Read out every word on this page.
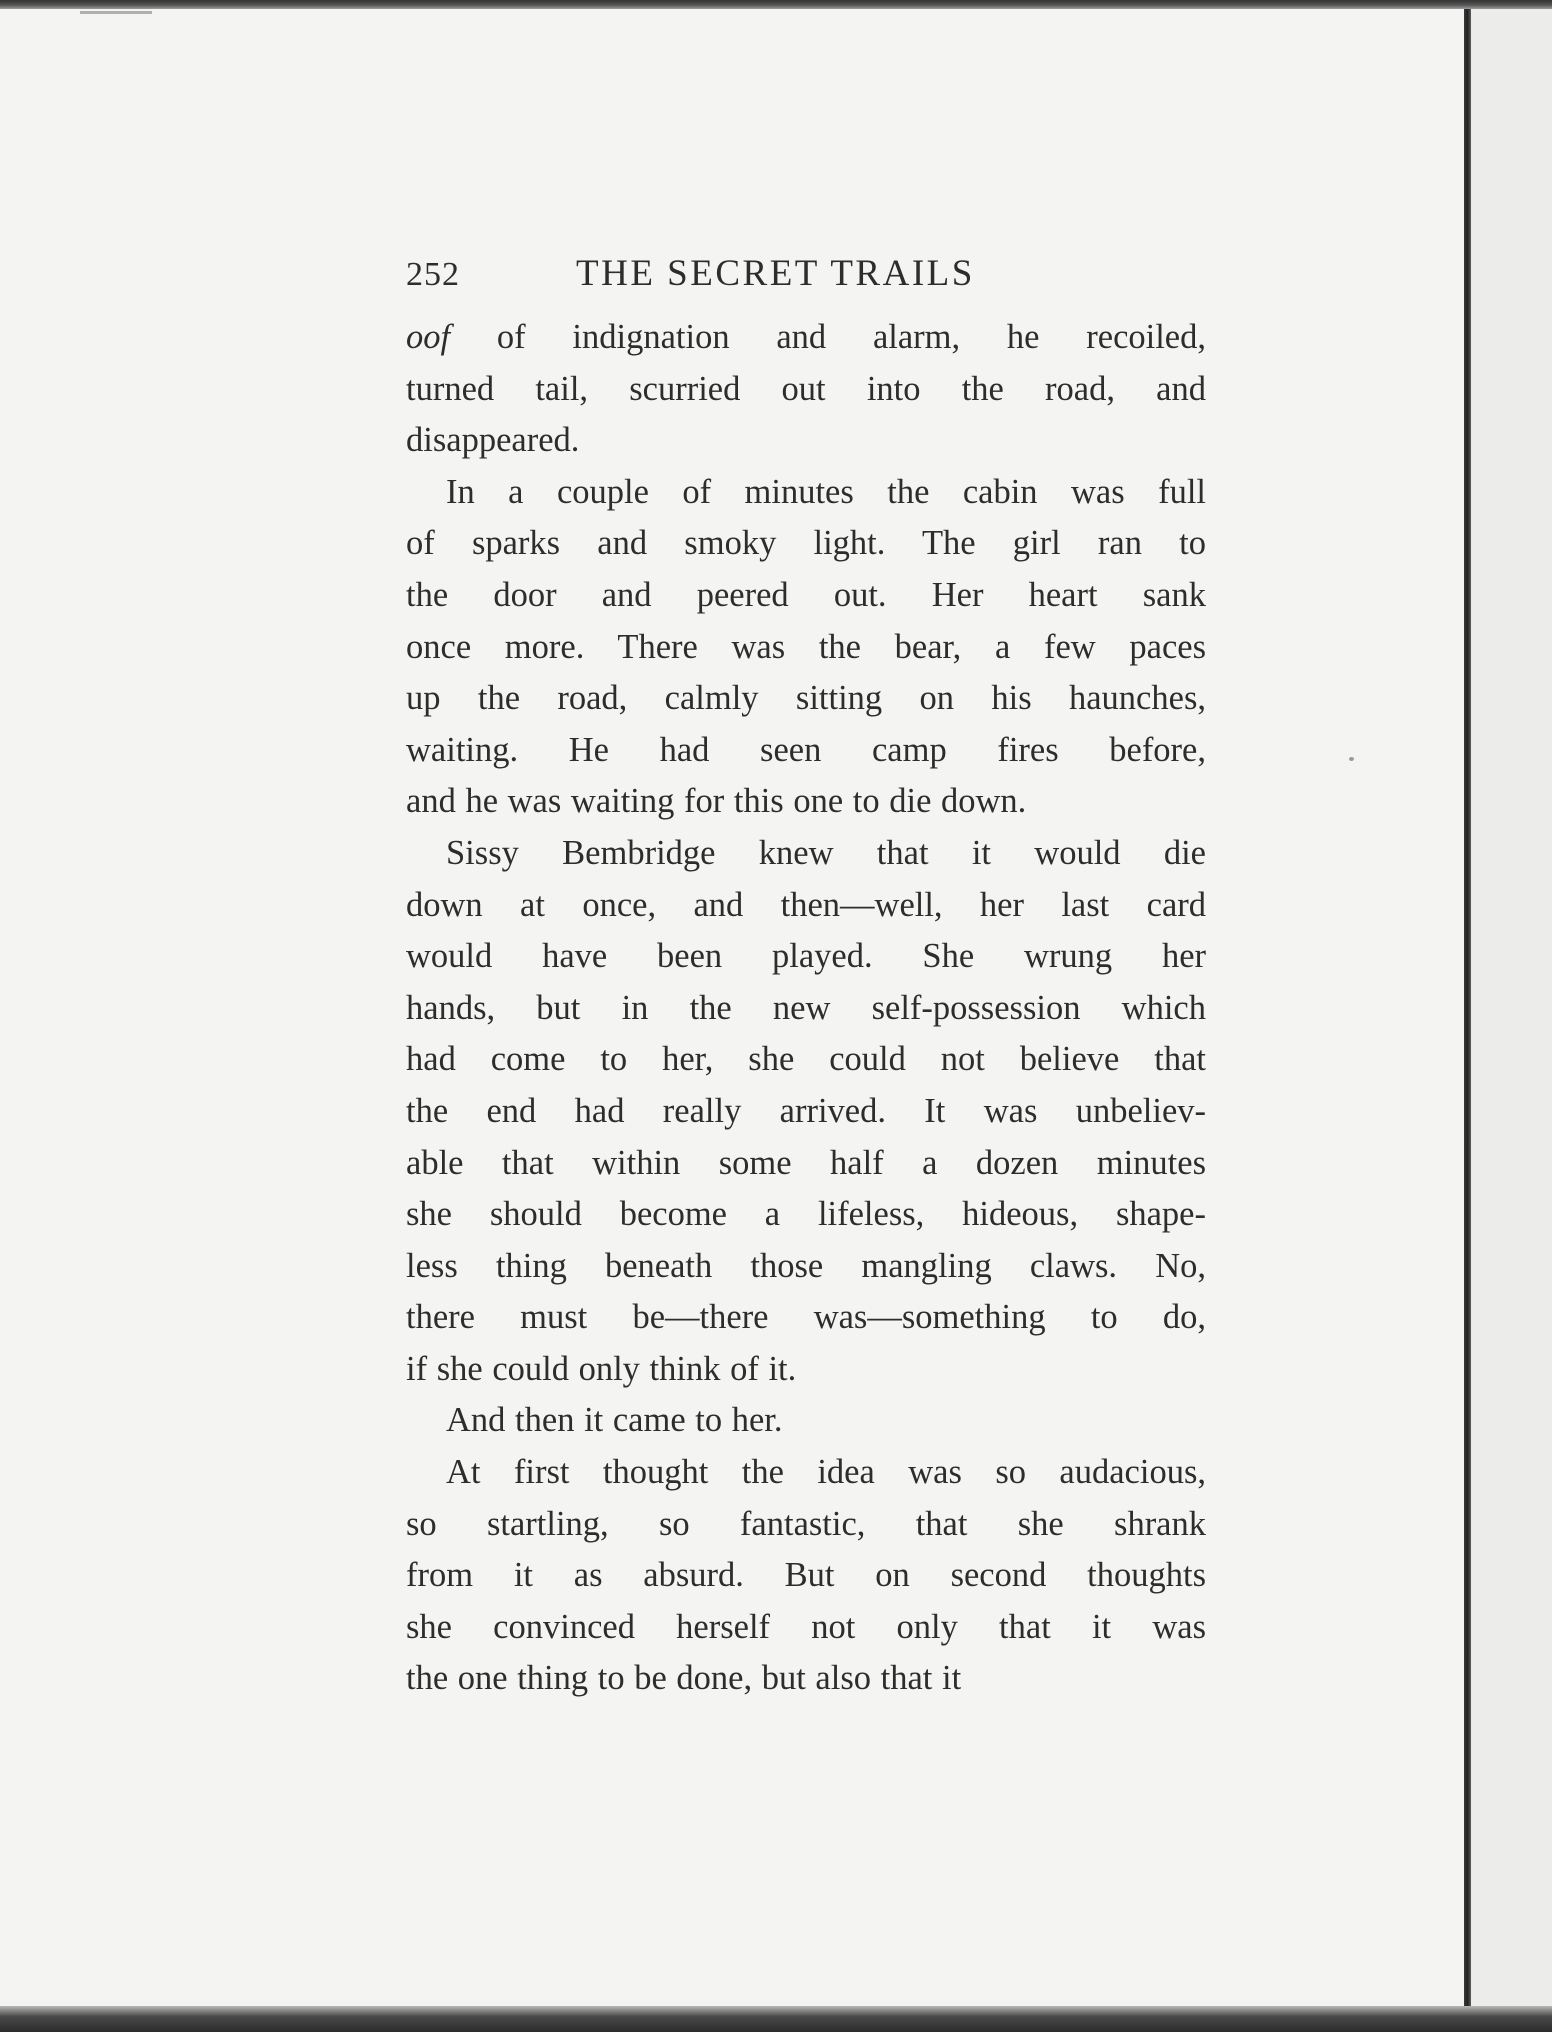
252	THE SECRET TRAILS
oof of indignation and alarm, he recoiled,
turned tail, scurried out into the road, and
disappeared.
In a couple of minutes the cabin was full
of sparks and smoky light. The girl ran to
the door and peered out. Her heart sank
once more. There was the bear, a few paces
up the road, calmly sitting on his haunches,
waiting. He had seen camp fires before,
and he was waiting for this one to die down.
Sissy Bembridge knew that it would die
down at once, and then—well, her last card
would have been played. She wrung her
hands, but in the new self-possession which
had come to her, she could not believe that
the end had really arrived. It was unbeliev-
able that within some half a dozen minutes
she should become a lifeless, hideous, shape-
less thing beneath those mangling claws. No,
there must be—there was—something to do,
if she could only think of it.
And then it came to her.
At first thought the idea was so audacious,
so startling, so fantastic, that she shrank
from it as absurd. But on second thoughts
she convinced herself not only that it was
the one thing to be done, but also that it
